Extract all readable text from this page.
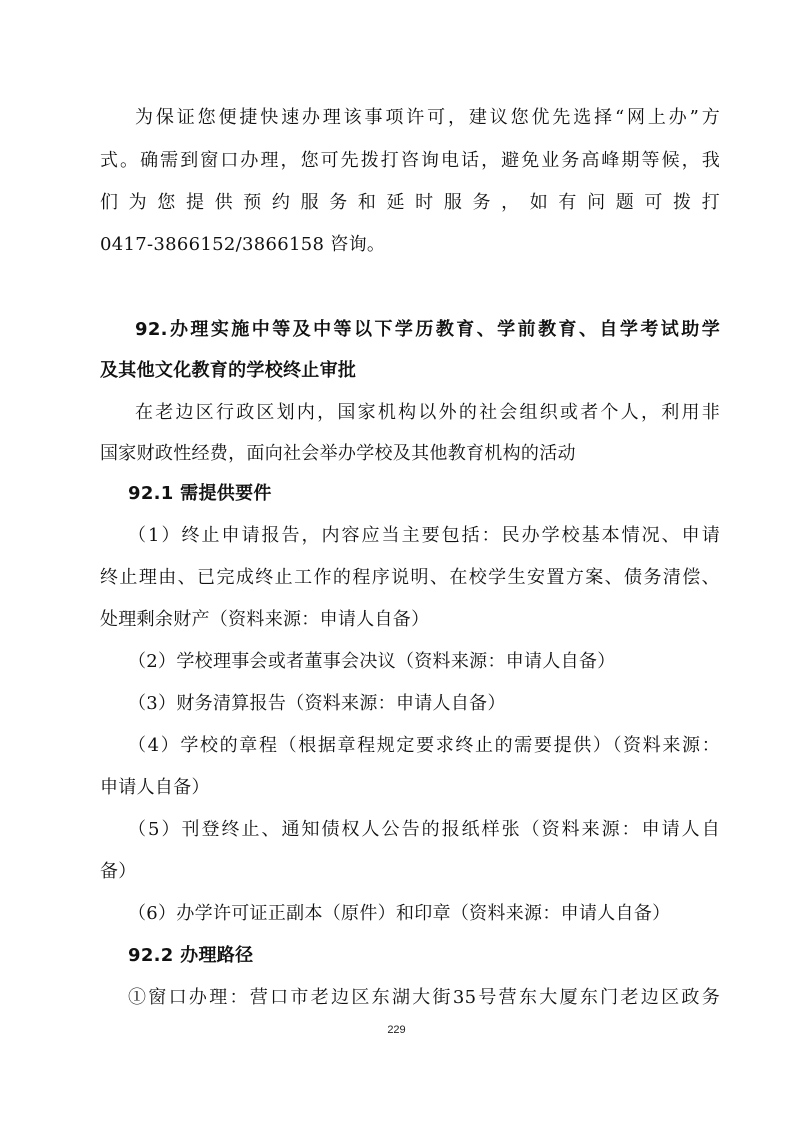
为保证您便捷快速办理该事项许可，建议您优先选择“网上办”方
式。确需到窗口办理，您可先拨打咨询电话，避免业务高峰期等候，我
们 为 您 提 供 预 约 服 务 和 延 时 服 务 ， 如 有 问 题 可 拨 打
0417-3866152/3866158 咨询。
92.办理实施中等及中等以下学历教育、学前教育、自学考试助学
及其他文化教育的学校终止审批
在老边区行政区划内，国家机构以外的社会组织或者个人，利用非
国家财政性经费，面向社会举办学校及其他教育机构的活动
92.1 需提供要件
（1）终止申请报告，内容应当主要包括：民办学校基本情况、申请
终止理由、已完成终止工作的程序说明、在校学生安置方案、债务清偿、
处理剩余财产（资料来源：申请人自备）
（2）学校理事会或者董事会决议（资料来源：申请人自备）
（3）财务清算报告（资料来源：申请人自备）
（4）学校的章程（根据章程规定要求终止的需要提供）（资料来源：
申请人自备）
（5）刊登终止、通知债权人公告的报纸样张（资料来源：申请人自
备）
（6）办学许可证正副本（原件）和印章（资料来源：申请人自备）
92.2 办理路径
①窗口办理：营口市老边区东湖大街35号营东大厦东门老边区政务
229
